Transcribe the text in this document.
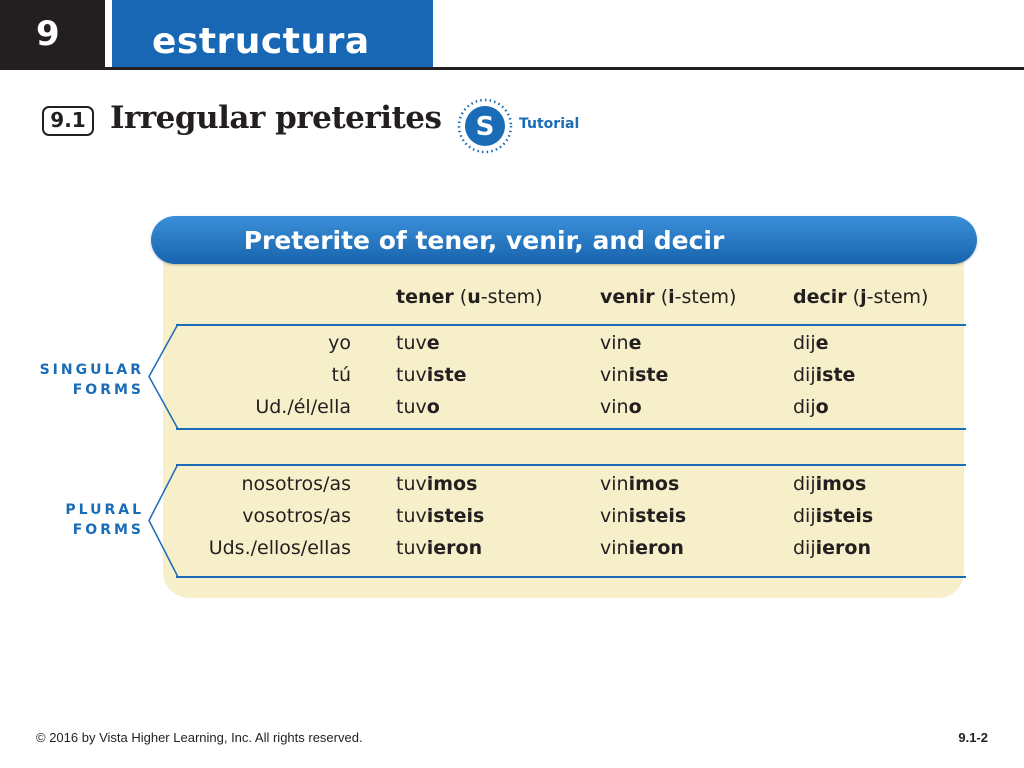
9	estructura
9.1 Irregular preterites S Tutorial
Preterite of tener, venir, and decir
tener (u-stem)	venir (i-stem)	decir (j-stem)
SINGULAR
FORMS
PLURAL
FORMS
yo tuve	vine	dije
tú tuviste	viniste	dijiste
Ud./él/ella tuvo	vino	dijo
nosotros/as tuvimos	vinimos	dijimos
vosotros/as tuvisteis	vinisteis	dijisteis
Uds./ellos/ellas tuvieron	vinieron	dijieron
© 2016 by Vista Higher Learning, Inc. All rights reserved.	9.1-2
